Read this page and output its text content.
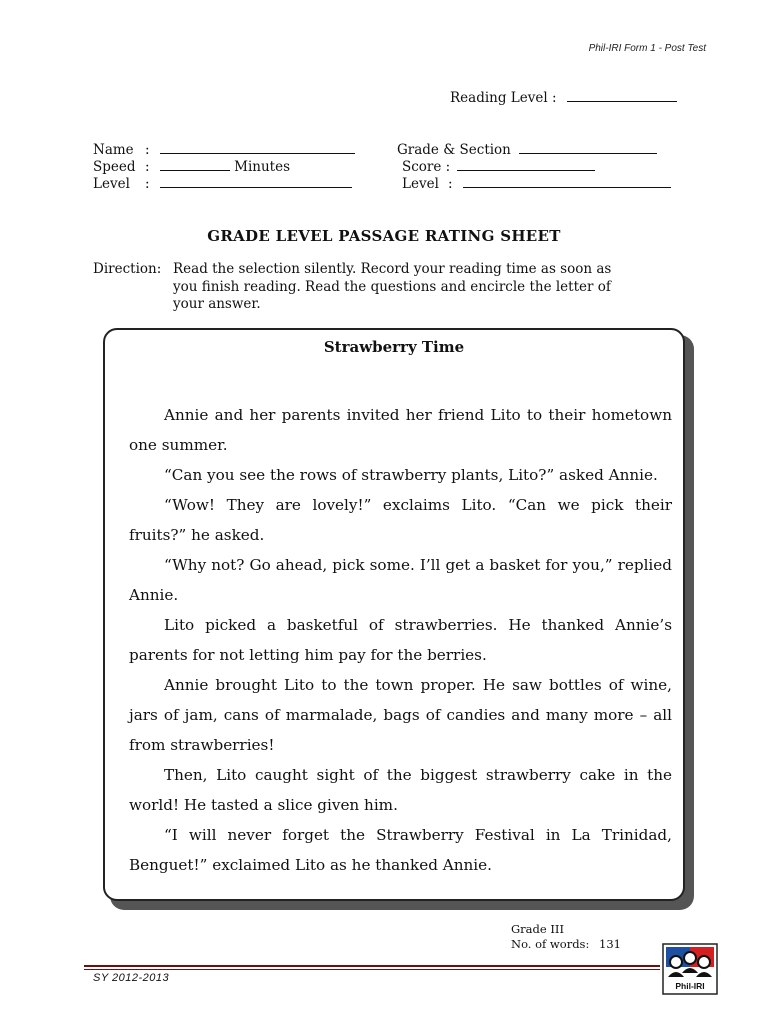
Phil-IRI Form 1 - Post Test
Reading Level :
Name :
Speed :	Minutes
Level :
Grade & Section
Score :
Level :
GRADE LEVEL PASSAGE RATING SHEET
Direction: Read the selection silently. Record your reading time as soon as
you finish reading. Read the questions and encircle the letter of
your answer.
Strawberry Time

Annie and her parents invited her friend Lito to their hometown one summer.

“Can you see the rows of strawberry plants, Lito?” asked Annie.

“Wow! They are lovely!” exclaims Lito. “Can we pick their fruits?” he asked.

“Why not? Go ahead, pick some. I’ll get a basket for you,” replied Annie.

Lito picked a basketful of strawberries. He thanked Annie’s parents for not letting him pay for the berries.

Annie brought Lito to the town proper. He saw bottles of wine, jars of jam, cans of marmalade, bags of candies and many more – all from strawberries!

Then, Lito caught sight of the biggest strawberry cake in the world! He tasted a slice given him.

“I will never forget the Strawberry Festival in La Trinidad, Benguet!” exclaimed Lito as he thanked Annie.

Grade III
No. of words: 131
SY 2012-2013
Phil-IRI
